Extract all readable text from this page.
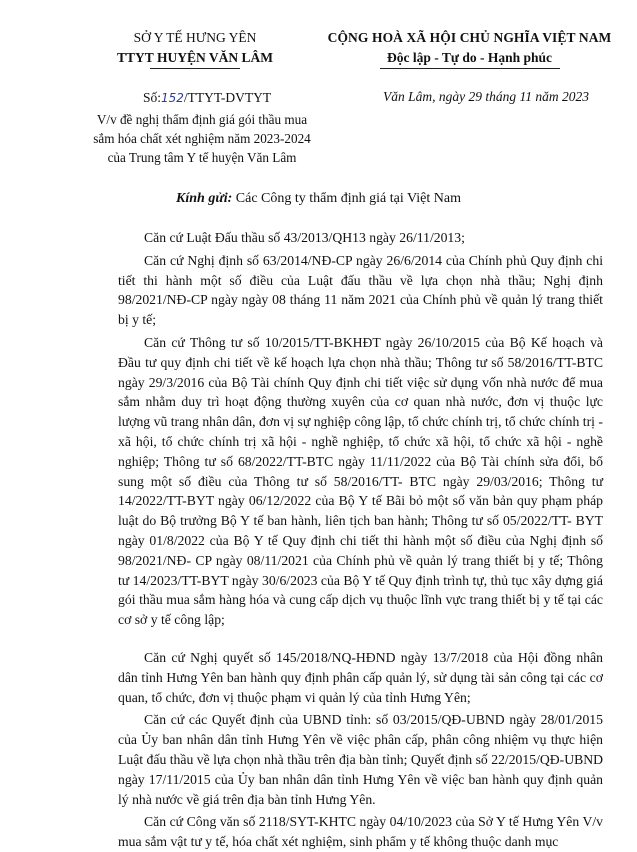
SỞ Y TẾ HƯNG YÊN
TTYT HUYỆN VĂN LÂM
CỘNG HOÀ XÃ HỘI CHỦ NGHĨA VIỆT NAM
Độc lập - Tự do - Hạnh phúc
Số:152/TTYT-DVTYT	Văn Lâm, ngày 29 tháng 11 năm 2023
V/v đề nghị thẩm định giá gói thầu mua
sắm hóa chất xét nghiệm năm 2023-2024
của Trung tâm Y tế huyện Văn Lâm
Kính gửi: Các Công ty thẩm định giá tại Việt Nam

Căn cứ Luật Đấu thầu số 43/2013/QH13 ngày 26/11/2013;

Căn cứ Nghị định số 63/2014/NĐ-CP ngày 26/6/2014 của Chính phủ Quy định chi tiết thi hành một số điều của Luật đấu thầu về lựa chọn nhà thầu; Nghị định 98/2021/NĐ-CP ngày ngày 08 tháng 11 năm 2021 của Chính phủ về quản lý trang thiết bị y tế;

Căn cứ Thông tư số 10/2015/TT-BKHĐT ngày 26/10/2015 của Bộ Kế hoạch và Đầu tư quy định chi tiết về kế hoạch lựa chọn nhà thầu; Thông tư số 58/2016/TT-BTC ngày 29/3/2016 của Bộ Tài chính Quy định chi tiết việc sử dụng vốn nhà nước để mua sắm nhằm duy trì hoạt động thường xuyên của cơ quan nhà nước, đơn vị thuộc lực lượng vũ trang nhân dân, đơn vị sự nghiệp công lập, tổ chức chính trị, tổ chức chính trị - xã hội, tổ chức chính trị xã hội - nghề nghiệp, tổ chức xã hội, tổ chức xã hội - nghề nghiệp; Thông tư số 68/2022/TT-BTC ngày 11/11/2022 của Bộ Tài chính sửa đổi, bổ sung một số điều của Thông tư số 58/2016/TT- BTC ngày 29/03/2016; Thông tư 14/2022/TT-BYT ngày 06/12/2022 của Bộ Y tế Bãi bỏ một số văn bản quy phạm pháp luật do Bộ trưởng Bộ Y tế ban hành, liên tịch ban hành; Thông tư số 05/2022/TT- BYT ngày 01/8/2022 của Bộ Y tế Quy định chi tiết thi hành một số điều của Nghị định số 98/2021/NĐ- CP ngày 08/11/2021 của Chính phủ về quản lý trang thiết bị y tế; Thông tư 14/2023/TT-BYT ngày 30/6/2023 của Bộ Y tế Quy định trình tự, thủ tục xây dựng giá gói thầu mua sắm hàng hóa và cung cấp dịch vụ thuộc lĩnh vực trang thiết bị y tế tại các cơ sở y tế công lập;

Căn cứ Nghị quyết số 145/2018/NQ-HĐND ngày 13/7/2018 của Hội đồng nhân dân tỉnh Hưng Yên ban hành quy định phân cấp quản lý, sử dụng tài sản công tại các cơ quan, tổ chức, đơn vị thuộc phạm vi quản lý của tỉnh Hưng Yên;

Căn cứ các Quyết định của UBND tỉnh: số 03/2015/QĐ-UBND ngày 28/01/2015 của Ủy ban nhân dân tỉnh Hưng Yên về việc phân cấp, phân công nhiệm vụ thực hiện Luật đấu thầu về lựa chọn nhà thầu trên địa bàn tỉnh; Quyết định số 22/2015/QĐ-UBND ngày 17/11/2015 của Ủy ban nhân dân tỉnh Hưng Yên về việc ban hành quy định quản lý nhà nước về giá trên địa bàn tỉnh Hưng Yên.

Căn cứ Công văn số 2118/SYT-KHTC ngày 04/10/2023 của Sở Y tế Hưng Yên V/v mua sắm vật tư y tế, hóa chất xét nghiệm, sinh phẩm y tế không thuộc danh mục
